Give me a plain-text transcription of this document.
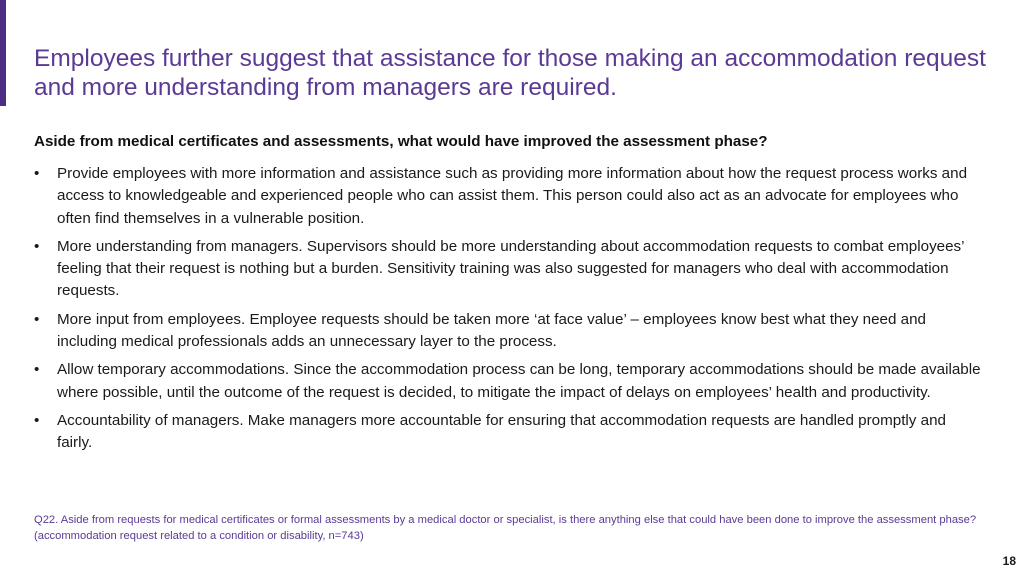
Employees further suggest that assistance for those making an accommodation request and more understanding from managers are required.
Aside from medical certificates and assessments, what would have improved the assessment phase?
• Provide employees with more information and assistance such as providing more information about how the request process works and access to knowledgeable and experienced people who can assist them. This person could also act as an advocate for employees who often find themselves in a vulnerable position.
• More understanding from managers. Supervisors should be more understanding about accommodation requests to combat employees’ feeling that their request is nothing but a burden. Sensitivity training was also suggested for managers who deal with accommodation requests.
• More input from employees. Employee requests should be taken more ‘at face value’ – employees know best what they need and including medical professionals adds an unnecessary layer to the process.
• Allow temporary accommodations. Since the accommodation process can be long, temporary accommodations should be made available where possible, until the outcome of the request is decided, to mitigate the impact of delays on employees’ health and productivity.
• Accountability of managers. Make managers more accountable for ensuring that accommodation requests are handled promptly and fairly.

Q22. Aside from requests for medical certificates or formal assessments by a medical doctor or specialist, is there anything else that could have been done to improve the assessment phase? (accommodation request related to a condition or disability, n=743)

18
